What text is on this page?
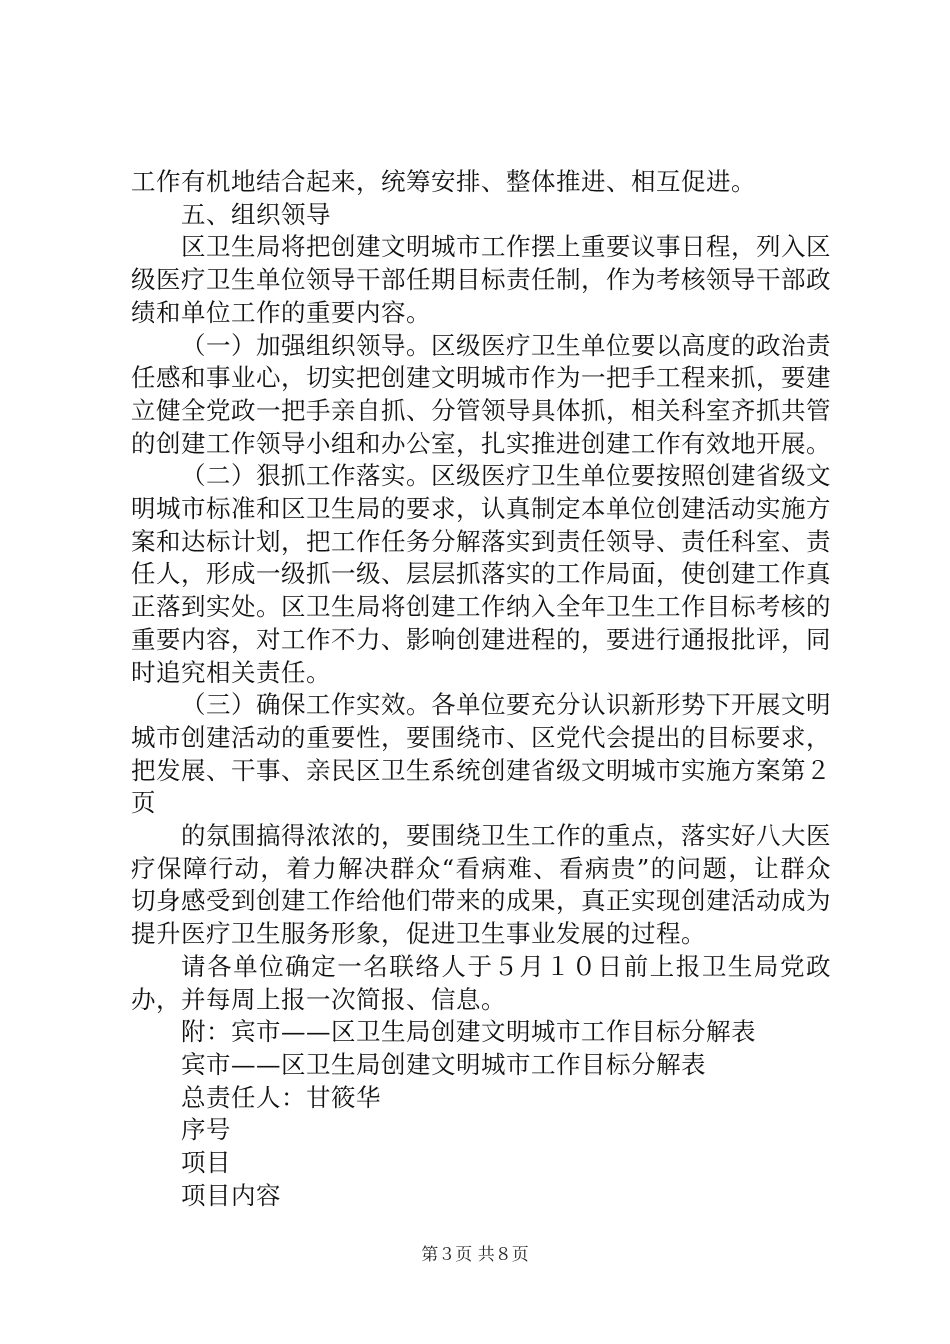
工作有机地结合起来，统筹安排、整体推进、相互促进。

五、组织领导

区卫生局将把创建文明城市工作摆上重要议事日程，列入区级医疗卫生单位领导干部任期目标责任制，作为考核领导干部政绩和单位工作的重要内容。

（一）加强组织领导。区级医疗卫生单位要以高度的政治责任感和事业心，切实把创建文明城市作为一把手工程来抓，要建立健全党政一把手亲自抓、分管领导具体抓，相关科室齐抓共管的创建工作领导小组和办公室，扎实推进创建工作有效地开展。

（二）狠抓工作落实。区级医疗卫生单位要按照创建省级文明城市标准和区卫生局的要求，认真制定本单位创建活动实施方案和达标计划，把工作任务分解落实到责任领导、责任科室、责任人，形成一级抓一级、层层抓落实的工作局面，使创建工作真正落到实处。区卫生局将创建工作纳入全年卫生工作目标考核的重要内容，对工作不力、影响创建进程的，要进行通报批评，同时追究相关责任。

（三）确保工作实效。各单位要充分认识新形势下开展文明城市创建活动的重要性，要围绕市、区党代会提出的目标要求，把发展、干事、亲民区卫生系统创建省级文明城市实施方案第２页

的氛围搞得浓浓的，要围绕卫生工作的重点，落实好八大医疗保障行动，着力解决群众“看病难、看病贵”的问题，让群众切身感受到创建工作给他们带来的成果，真正实现创建活动成为提升医疗卫生服务形象，促进卫生事业发展的过程。

请各单位确定一名联络人于５月１０日前上报卫生局党政办，并每周上报一次简报、信息。

附：宾市——区卫生局创建文明城市工作目标分解表

宾市——区卫生局创建文明城市工作目标分解表

总责任人：甘筱华

序号

项目

项目内容

第３页 共８页
